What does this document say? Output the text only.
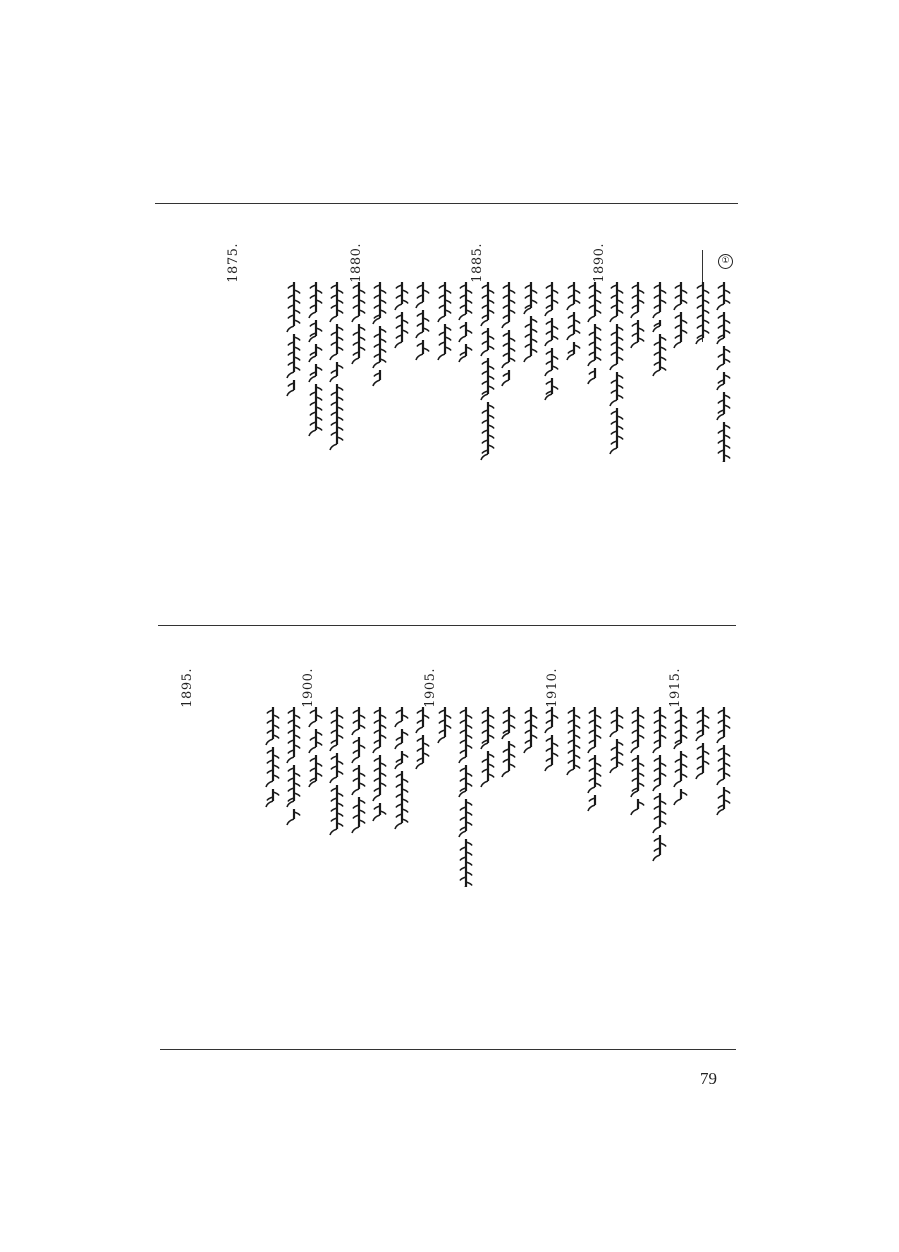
①
1890.
1885.
1880.
1875.
1915.
1910.
1905.
1900.
1895.
79
